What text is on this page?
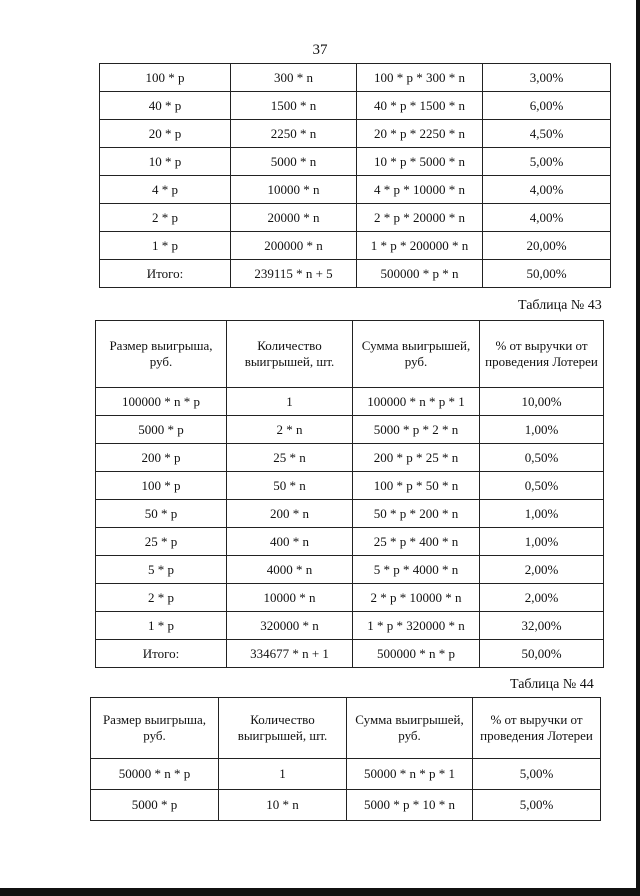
37
100 * p	300 * n	100 * p * 300 * n	3,00%
40 * p	1500 * n	40 * p * 1500 * n	6,00%
20 * p	2250 * n	20 * p * 2250 * n	4,50%
10 * p	5000 * n	10 * p * 5000 * n	5,00%
4 * p	10000 * n	4 * p * 10000 * n	4,00%
2 * p	20000 * n	2 * p * 20000 * n	4,00%
1 * p	200000 * n	1 * p * 200000 * n	20,00%
Итого:	239115 * n + 5	500000 * p * n	50,00%
Таблица № 43
Размер выигрыша, руб.	Количество выигрышей, шт.	Сумма выигрышей, руб.	% от выручки от проведения Лотереи
100000 * n * p	1	100000 * n * p * 1	10,00%
5000 * p	2 * n	5000 * p * 2 * n	1,00%
200 * p	25 * n	200 * p * 25 * n	0,50%
100 * p	50 * n	100 * p * 50 * n	0,50%
50 * p	200 * n	50 * p * 200 * n	1,00%
25 * p	400 * n	25 * p * 400 * n	1,00%
5 * p	4000 * n	5 * p * 4000 * n	2,00%
2 * p	10000 * n	2 * p * 10000 * n	2,00%
1 * p	320000 * n	1 * p * 320000 * n	32,00%
Итого:	334677 * n + 1	500000 * n * p	50,00%
Таблица № 44
Размер выигрыша, руб.	Количество выигрышей, шт.	Сумма выигрышей, руб.	% от выручки от проведения Лотереи
50000 * n * p	1	50000 * n * p * 1	5,00%
5000 * p	10 * n	5000 * p * 10 * n	5,00%
